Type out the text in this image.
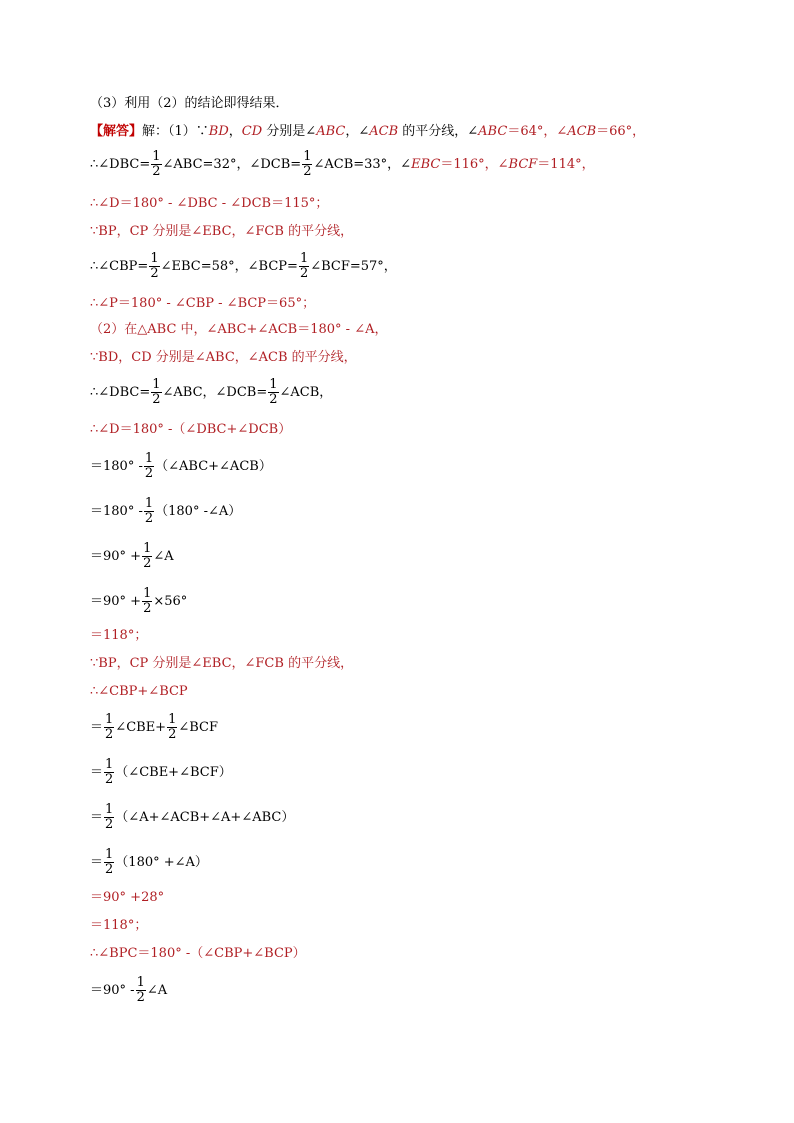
（3）利用（2）的结论即得结果．
【解答】解：（1）∵BD，CD 分别是∠ABC，∠ACB 的平分线，∠ABC＝64°，∠ACB＝66°，
∴∠DBC= $\frac{1}{2}$ ∠ABC=32°，∠DCB= $\frac{1}{2}$ ∠ACB=33°，∠EBC＝116°，∠BCF＝114°，
∴∠D＝180° - ∠DBC - ∠DCB＝115°；
∵BP，CP 分别是∠EBC，∠FCB 的平分线，
∴∠CBP= $\frac{1}{2}$ ∠EBC=58°，∠BCP= $\frac{1}{2}$ ∠BCF=57°，
∴∠P＝180° - ∠CBP - ∠BCP＝65°；
（2）在△ABC 中，∠ABC+∠ACB＝180° - ∠A，
∵BD，CD 分别是∠ABC，∠ACB 的平分线，
∴∠DBC= $\frac{1}{2}$ ∠ABC，∠DCB= $\frac{1}{2}$ ∠ACB，
∴∠D＝180° -（∠DBC+∠DCB）
$=180^\circ - \frac{1}{2}$ （∠ABC+∠ACB）
$=180^\circ - \frac{1}{2} (180^\circ$ -∠A）
$=90^\circ + \frac{1}{2}$ ∠A
$=90^\circ + \frac{1}{2} \times 56^\circ$
＝118°；
∵BP，CP 分别是∠EBC，∠FCB 的平分线，
∴∠CBP+∠BCP
＝ $\frac{1}{2}$ ∠CBE+ $\frac{1}{2}$ ∠BCF
＝ $\frac{1}{2}$ （∠CBE+∠BCF）
＝ $\frac{1}{2}$ （∠A+∠ACB+∠A+∠ABC）
＝ $\frac{1}{2} (180^\circ$ +∠A）
＝90° +28°
＝118°；
∴∠BPC＝180° -（∠CBP+∠BCP）
$=90^\circ - \frac{1}{2}$ ∠A
